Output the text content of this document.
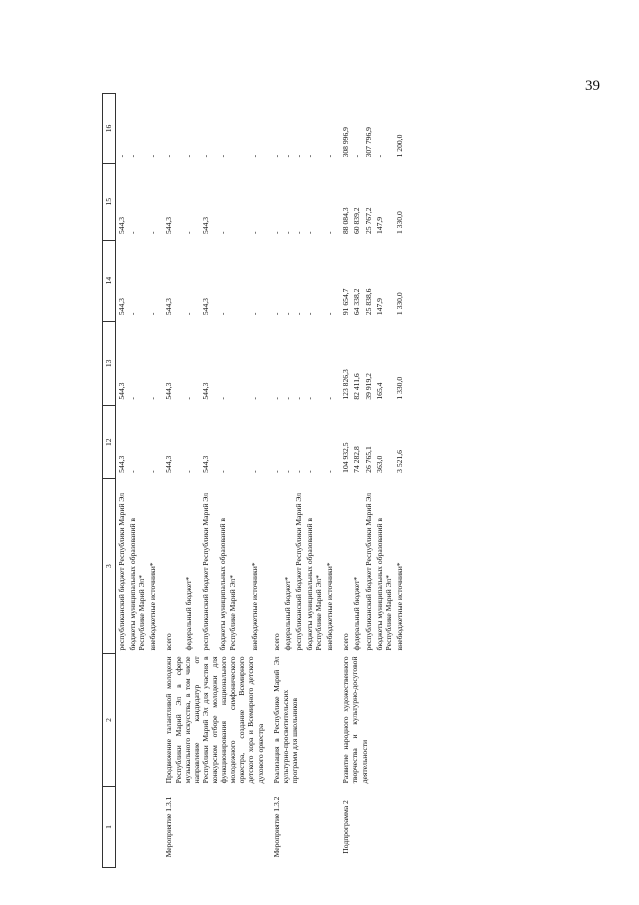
39
1	2	3	12	13	14	15	16
		республиканский бюджет Республики Марий Эл	544,3	544,3	544,3	544,3	-
		бюджеты муниципальных образований в Республике Марий Эл*	-	-	-	-	-
		внебюджетные источники*	-	-	-	-	-
Мероприятие 1.3.1	Продвижение талантливой молодежи Республики Марий Эл в сфере музыкального искусства, в том числе направление кандидатур от Республики Марий Эл для участия в конкурсном отборе молодежи для функционирования национального молодежного симфонического оркестра, создание Всемирного детского хора и Всемирного детского духового оркестра	всего	544,3	544,3	544,3	544,3	-
		федеральный бюджет*	-	-	-	-	-
		республиканский бюджет Республики Марий Эл	544,3	544,3	544,3	544,3	-
		бюджеты муниципальных образований в Республике Марий Эл*	-	-	-	-	-
		внебюджетные источники*	-	-	-	-	-
Мероприятие 1.3.2	Реализация в Республике Марий Эл культурно-просветительских программ для школьников	всего	-	-	-	-	-
		федеральный бюджет*	-	-	-	-	-
		республиканский бюджет Республики Марий Эл	-	-	-	-	-
		бюджеты муниципальных образований в Республике Марий Эл*	-	-	-	-	-
		внебюджетные источники*	-	-	-	-	-
Подпрограмма 2	Развитие народного художественного творчества и культурно-досуговой деятельности	всего	104 932,5	123 826,3	91 654,7	88 084,3	308 996,9
		федеральный бюджет*	74 282,8	82 411,6	64 338,2	60 839,2	-
		республиканский бюджет Республики Марий Эл	26 765,1	39 919,2	25 838,6	25 767,2	307 796,9
		бюджеты муниципальных образований в Республике Марий Эл*	363,0	165,4	147,9	147,9	-
		внебюджетные источники*	3 521,6	1 330,0	1 330,0	1 330,0	1 200,0
